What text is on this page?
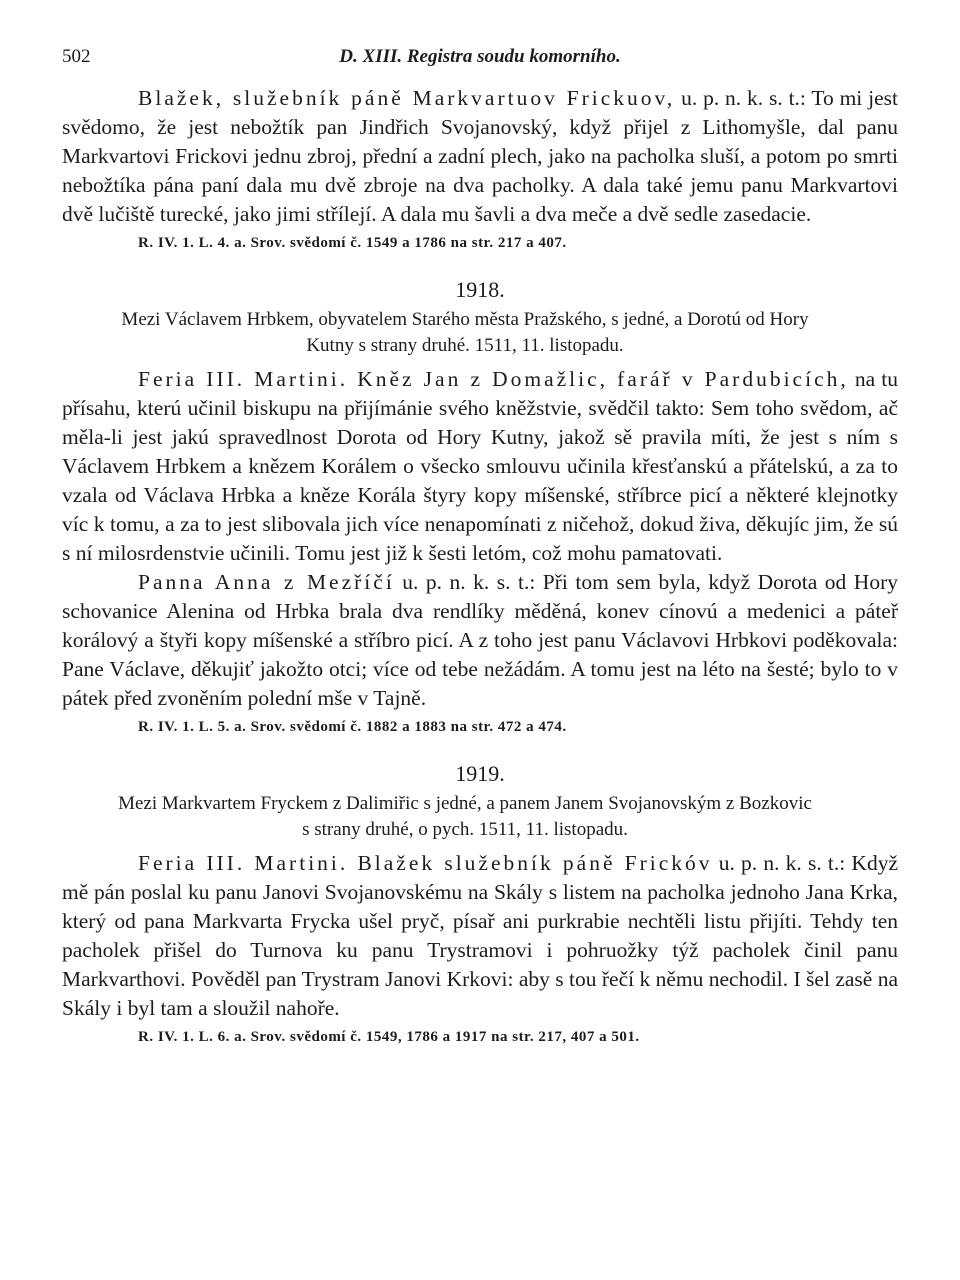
502	D. XIII. Registra soudu komorního.

Blažek, služebník páně Markvartuov Frickuov, u. p. n. k. s. t.: To mi jest svědomo, že jest nebožtík pan Jindřich Svojanovský, když přijel z Lithomyšle, dal panu Markvartovi Frickovi jednu zbroj, přední a zadní plech, jako na pacholka sluší, a potom po smrti nebožtíka pána paní dala mu dvě zbroje na dva pacholky. A dala také jemu panu Markvartovi dvě lučiště turecké, jako jimi střílejí. A dala mu šavli a dva meče a dvě sedle zasedacie.

R. IV. 1. L. 4. a. Srov. svědomí č. 1549 a 1786 na str. 217 a 407.
1918.
Mezi Václavem Hrbkem, obyvatelem Starého města Pražského, s jedné, a Dorotú od Hory
Kutny s strany druhé. 1511, 11. listopadu.

Feria III. Martini. Kněz Jan z Domažlic, farář v Pardubicích, na tu přísahu, kterú učinil biskupu na přijímánie svého kněžstvie, svědčil takto: Sem toho svědom, ač měla-li jest jakú spravedlnost Dorota od Hory Kutny, jakož sě pravila míti, že jest s ním s Václavem Hrbkem a knězem Korálem o všecko smlouvu učinila křesťanskú a přátelskú, a za to vzala od Václava Hrbka a kněze Korála štyry kopy míšenské, stříbrce picí a některé klejnotky víc k tomu, a za to jest slibovala jich více nenapomínati z ničehož, dokud živa, děkujíc jim, že sú s ní milosrdenstvie učinili. Tomu jest již k šesti letóm, což mohu pamatovati.

Panna Anna z Mezříčí u. p. n. k. s. t.: Při tom sem byla, když Dorota od Hory schovanice Alenina od Hrbka brala dva rendlíky měděná, konev cínovú a medenici a páteř korálový a štyři kopy míšenské a stříbro picí. A z toho jest panu Václavovi Hrbkovi poděkovala: Pane Václave, děkujiť jakožto otci; více od tebe nežádám. A tomu jest na léto na šesté; bylo to v pátek před zvoněním polední mše v Tajně.

R. IV. 1. L. 5. a. Srov. svědomí č. 1882 a 1883 na str. 472 a 474.
1919.
Mezi Markvartem Fryckem z Dalimiřic s jedné, a panem Janem Svojanovským z Bozkovic
s strany druhé, o pych. 1511, 11. listopadu.

Feria III. Martini. Blažek služebník páně Frickóv u. p. n. k. s. t.: Když mě pán poslal ku panu Janovi Svojanovskému na Skály s listem na pacholka jednoho Jana Krka, který od pana Markvarta Frycka ušel pryč, písař ani purkrabie nechtěli listu přijíti. Tehdy ten pacholek přišel do Turnova ku panu Trystramovi i pohruožky týž pacholek činil panu Markvarthovi. Pověděl pan Trystram Janovi Krkovi: aby s tou řečí k němu nechodil. I šel zasě na Skály i byl tam a sloužil nahoře.

R. IV. 1. L. 6. a. Srov. svědomí č. 1549, 1786 a 1917 na str. 217, 407 a 501.
